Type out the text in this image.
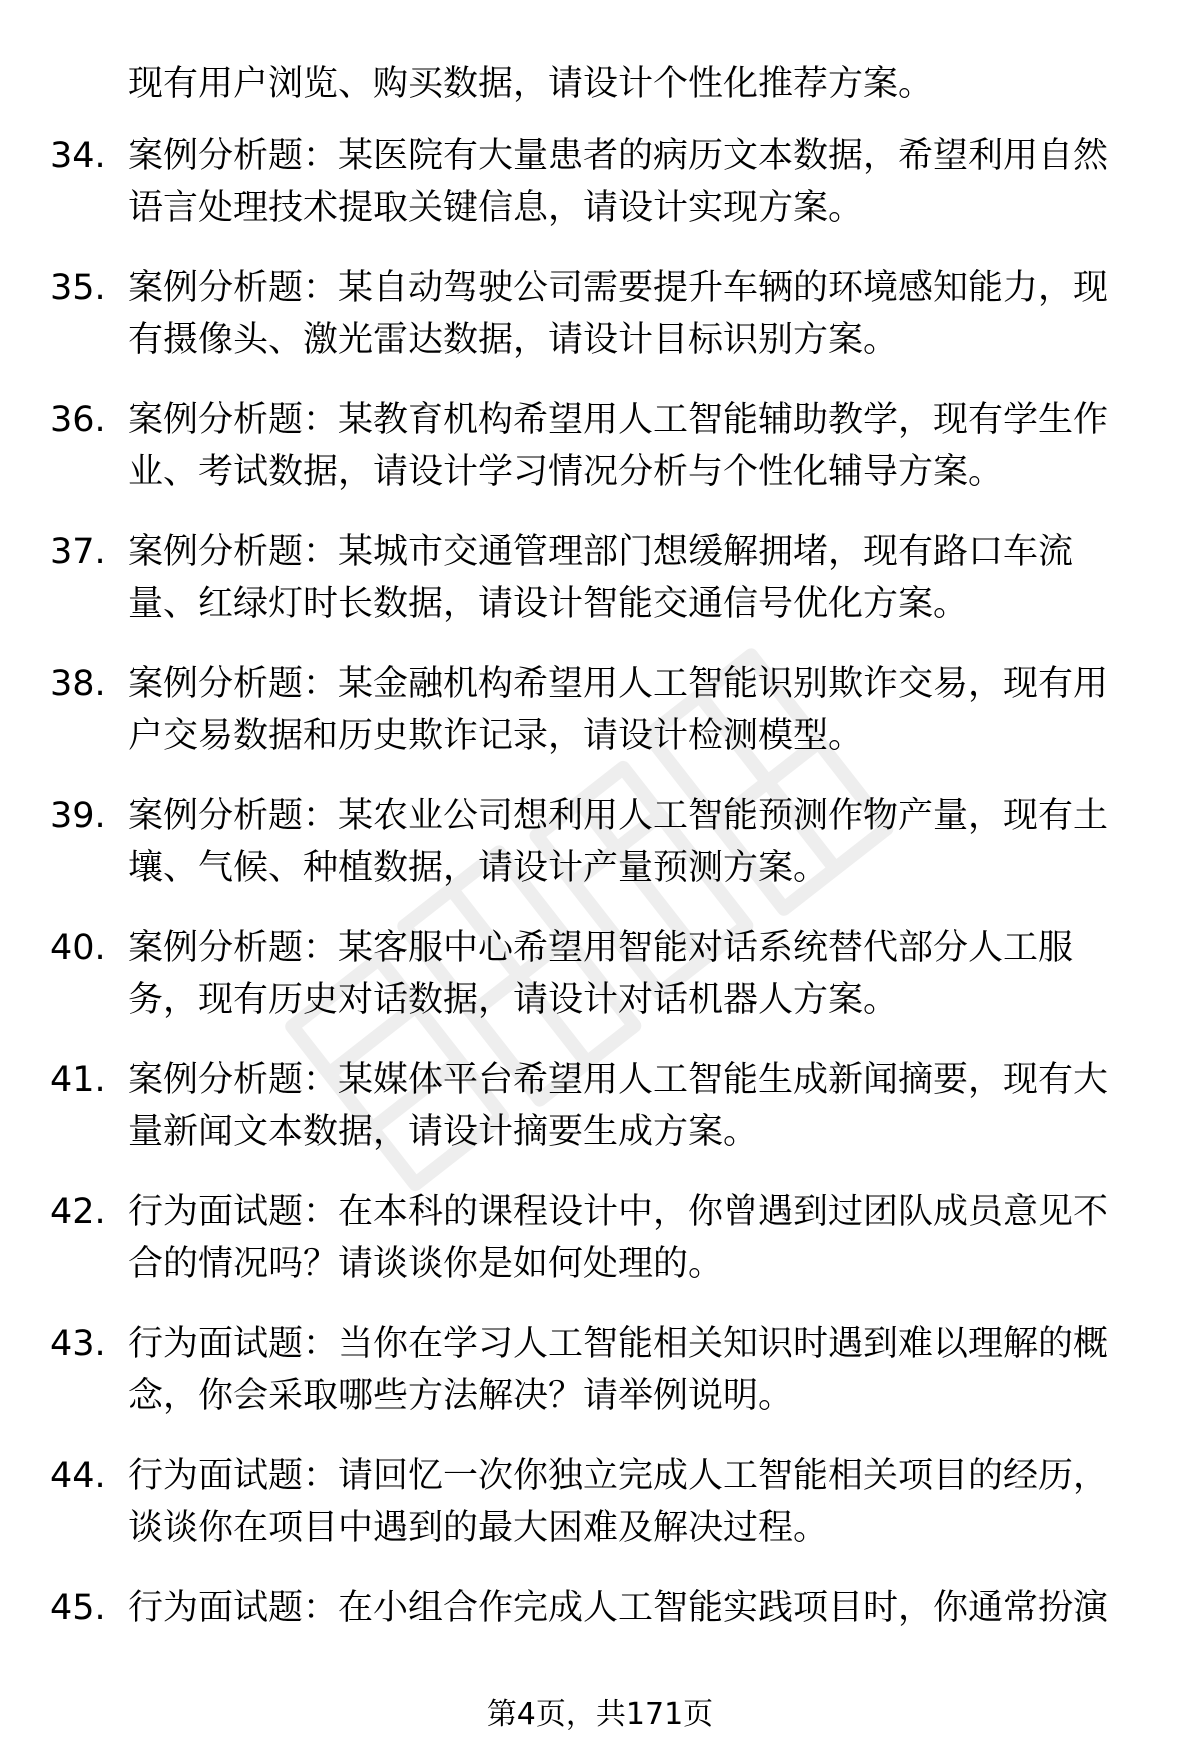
现有用户浏览、购买数据，请设计个性化推荐方案。
34. 案例分析题：某医院有大量患者的病历文本数据，希望利用自然语言处理技术提取关键信息，请设计实现方案。
35. 案例分析题：某自动驾驶公司需要提升车辆的环境感知能力，现有摄像头、激光雷达数据，请设计目标识别方案。
36. 案例分析题：某教育机构希望用人工智能辅助教学，现有学生作业、考试数据，请设计学习情况分析与个性化辅导方案。
37. 案例分析题：某城市交通管理部门想缓解拥堵，现有路口车流量、红绿灯时长数据，请设计智能交通信号优化方案。
38. 案例分析题：某金融机构希望用人工智能识别欺诈交易，现有用户交易数据和历史欺诈记录，请设计检测模型。
39. 案例分析题：某农业公司想利用人工智能预测作物产量，现有土壤、气候、种植数据，请设计产量预测方案。
40. 案例分析题：某客服中心希望用智能对话系统替代部分人工服务，现有历史对话数据，请设计对话机器人方案。
41. 案例分析题：某媒体平台希望用人工智能生成新闻摘要，现有大量新闻文本数据，请设计摘要生成方案。
42. 行为面试题：在本科的课程设计中，你曾遇到过团队成员意见不合的情况吗？请谈谈你是如何处理的。
43. 行为面试题：当你在学习人工智能相关知识时遇到难以理解的概念，你会采取哪些方法解决？请举例说明。
44. 行为面试题：请回忆一次你独立完成人工智能相关项目的经历，谈谈你在项目中遇到的最大困难及解决过程。
45. 行为面试题：在小组合作完成人工智能实践项目时，你通常扮演
第4页，共171页
